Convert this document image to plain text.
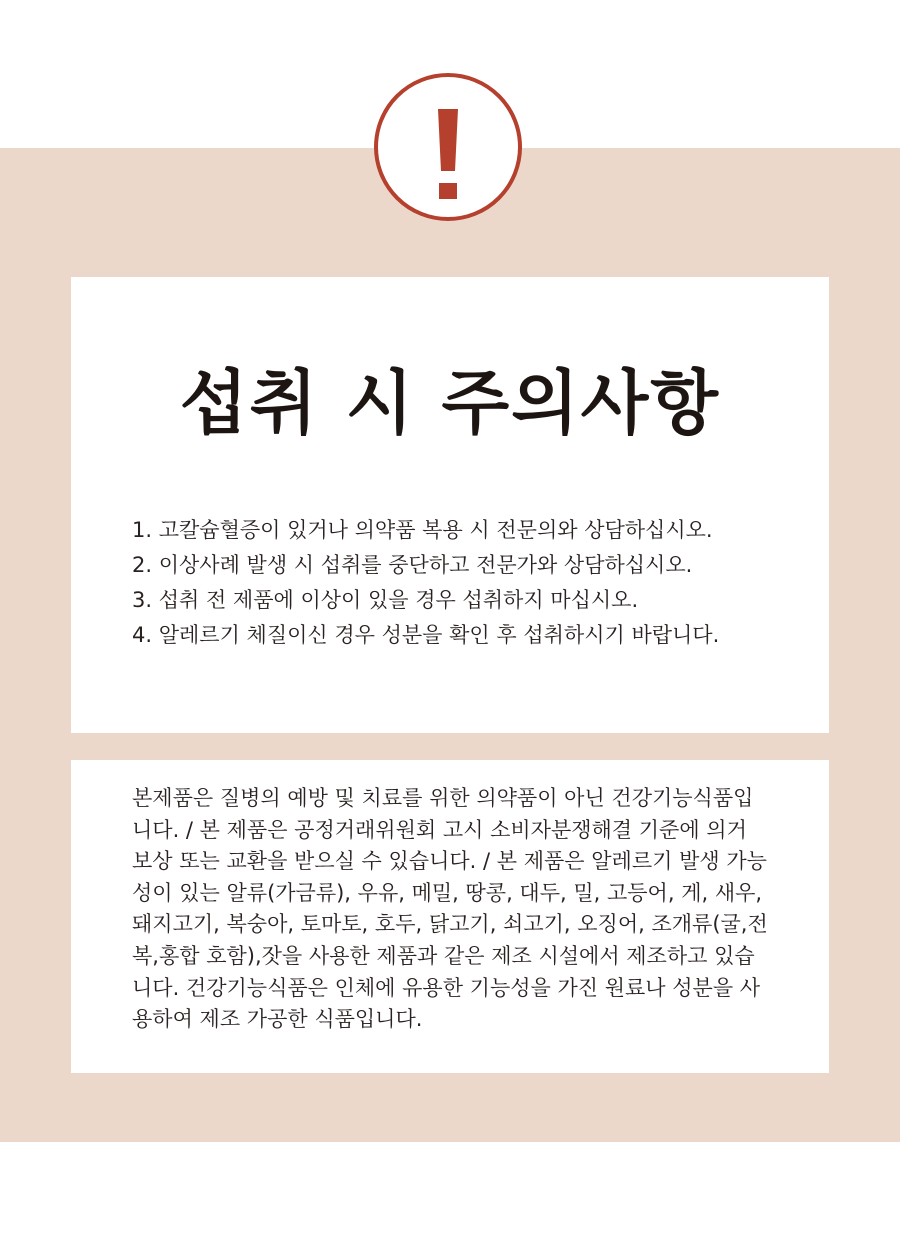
섭취 시 주의사항
1. 고칼슘혈증이 있거나 의약품 복용 시 전문의와 상담하십시오.
2. 이상사례 발생 시 섭취를 중단하고 전문가와 상담하십시오.
3. 섭취 전 제품에 이상이 있을 경우 섭취하지 마십시오.
4. 알레르기 체질이신 경우 성분을 확인 후 섭취하시기 바랍니다.

본제품은 질병의 예방 및 치료를 위한 의약품이 아닌 건강기능식품입니다. / 본 제품은 공정거래위원회 고시 소비자분쟁해결 기준에 의거 보상 또는 교환을 받으실 수 있습니다. / 본 제품은 알레르기 발생 가능성이 있는 알류(가금류), 우유, 메밀, 땅콩, 대두, 밀, 고등어, 게, 새우, 돼지고기, 복숭아, 토마토, 호두, 닭고기, 쇠고기, 오징어, 조개류(굴,전복,홍합 호함),잣을 사용한 제품과 같은 제조 시설에서 제조하고 있습니다. 건강기능식품은 인체에 유용한 기능성을 가진 원료나 성분을 사용하여 제조 가공한 식품입니다.
